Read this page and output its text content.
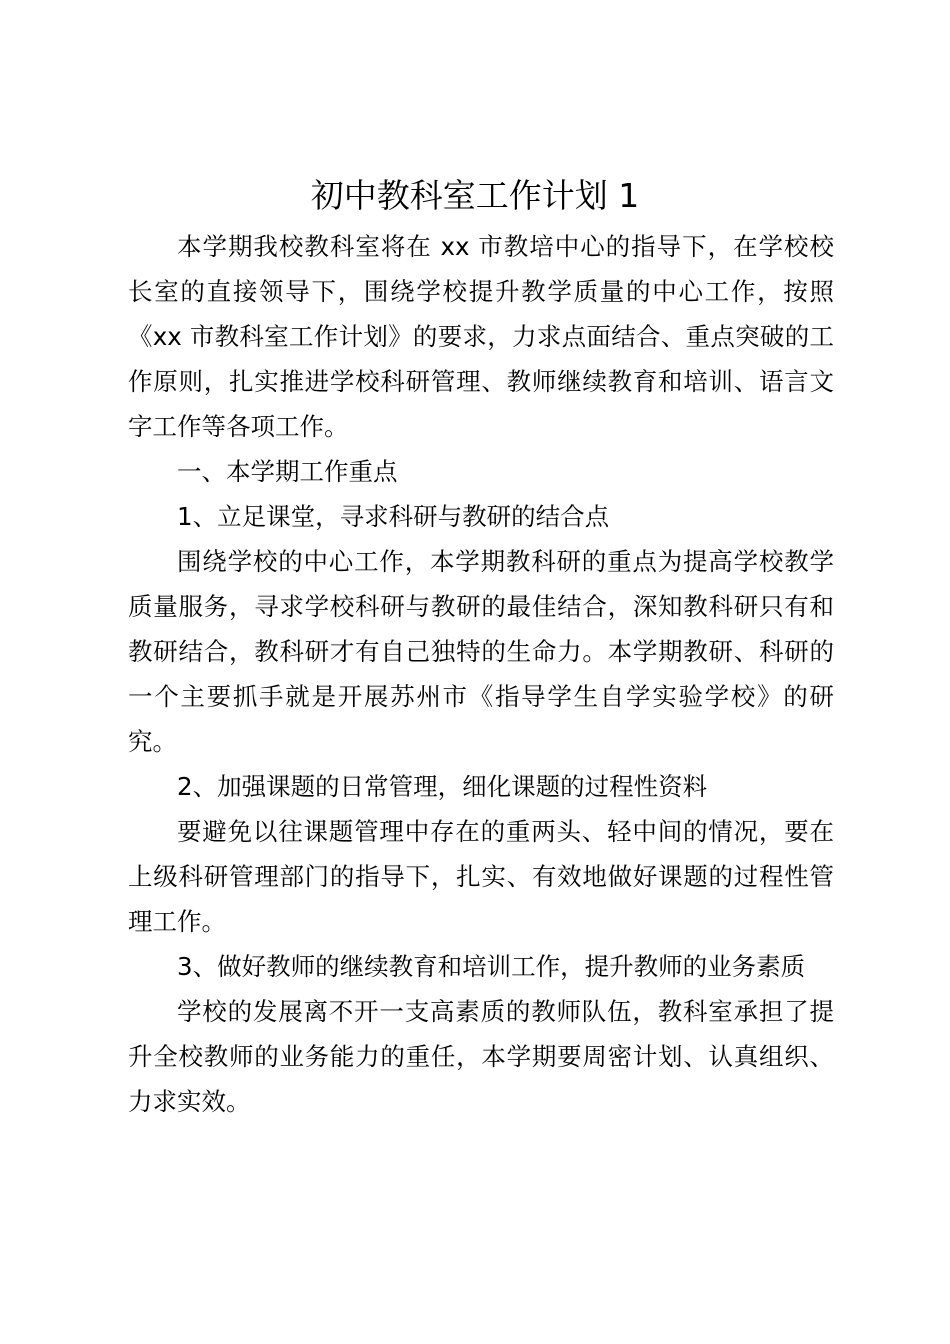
初中教科室工作计划 1

本学期我校教科室将在 xx 市教培中心的指导下，在学校校长室的直接领导下，围绕学校提升教学质量的中心工作，按照《xx 市教科室工作计划》的要求，力求点面结合、重点突破的工作原则，扎实推进学校科研管理、教师继续教育和培训、语言文字工作等各项工作。

一、本学期工作重点

1、立足课堂，寻求科研与教研的结合点

围绕学校的中心工作，本学期教科研的重点为提高学校教学质量服务，寻求学校科研与教研的最佳结合，深知教科研只有和教研结合，教科研才有自己独特的生命力。本学期教研、科研的一个主要抓手就是开展苏州市《指导学生自学实验学校》的研究。

2、加强课题的日常管理，细化课题的过程性资料

要避免以往课题管理中存在的重两头、轻中间的情况，要在上级科研管理部门的指导下，扎实、有效地做好课题的过程性管理工作。

3、做好教师的继续教育和培训工作，提升教师的业务素质

学校的发展离不开一支高素质的教师队伍，教科室承担了提升全校教师的业务能力的重任，本学期要周密计划、认真组织、力求实效。
